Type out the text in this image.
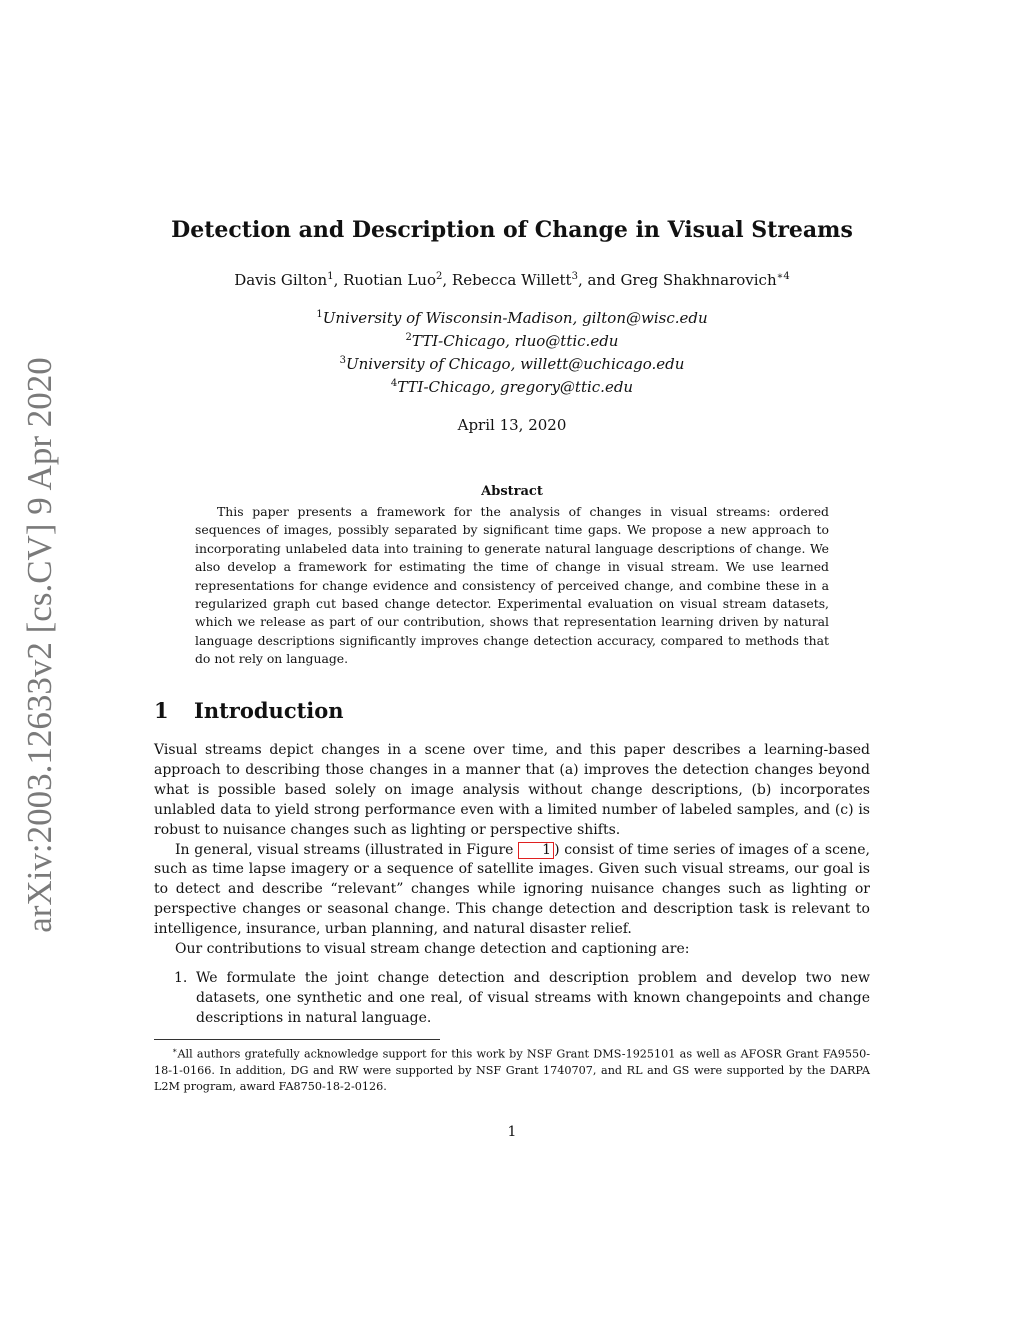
arXiv:2003.12633v2 [cs.CV] 9 Apr 2020
Detection and Description of Change in Visual Streams
Davis Gilton$^1$, Ruotian Luo$^2$, Rebecca Willett$^3$, and Greg Shakhnarovich$^{∗4}$
$^1$University of Wisconsin-Madison, gilton@wisc.edu
$^2$TTI-Chicago, rluo@ttic.edu
$^3$University of Chicago, willett@uchicago.edu
$^4$TTI-Chicago, gregory@ttic.edu
April 13, 2020
Abstract
This paper presents a framework for the analysis of changes in visual streams: ordered sequences of images, possibly separated by significant time gaps. We propose a new approach to incorporating unlabeled data into training to generate natural language descriptions of change. We also develop a framework for estimating the time of change in visual stream. We use learned representations for change evidence and consistency of perceived change, and combine these in a regularized graph cut based change detector. Experimental evaluation on visual stream datasets, which we release as part of our contribution, shows that representation learning driven by natural language descriptions significantly improves change detection accuracy, compared to methods that do not rely on language.
1 Introduction

Visual streams depict changes in a scene over time, and this paper describes a learning-based approach to describing those changes in a manner that (a) improves the detection changes beyond what is possible based solely on image analysis without change descriptions, (b) incorporates unlabled data to yield strong performance even with a limited number of labeled samples, and (c) is robust to nuisance changes such as lighting or perspective shifts.

In general, visual streams (illustrated in Figure 1 ) consist of time series of images of a scene, such as time lapse imagery or a sequence of satellite images. Given such visual streams, our goal is to detect and describe “relevant” changes while ignoring nuisance changes such as lighting or perspective changes or seasonal change. This change detection and description task is relevant to intelligence, insurance, urban planning, and natural disaster relief.

Our contributions to visual stream change detection and captioning are:

1. We formulate the joint change detection and description problem and develop two new datasets, one synthetic and one real, of visual streams with known changepoints and change descriptions in natural language.
∗All authors gratefully acknowledge support for this work by NSF Grant DMS-1925101 as well as AFOSR Grant FA9550-18-1-0166. In addition, DG and RW were supported by NSF Grant 1740707, and RL and GS were supported by the DARPA L2M program, award FA8750-18-2-0126.
1
